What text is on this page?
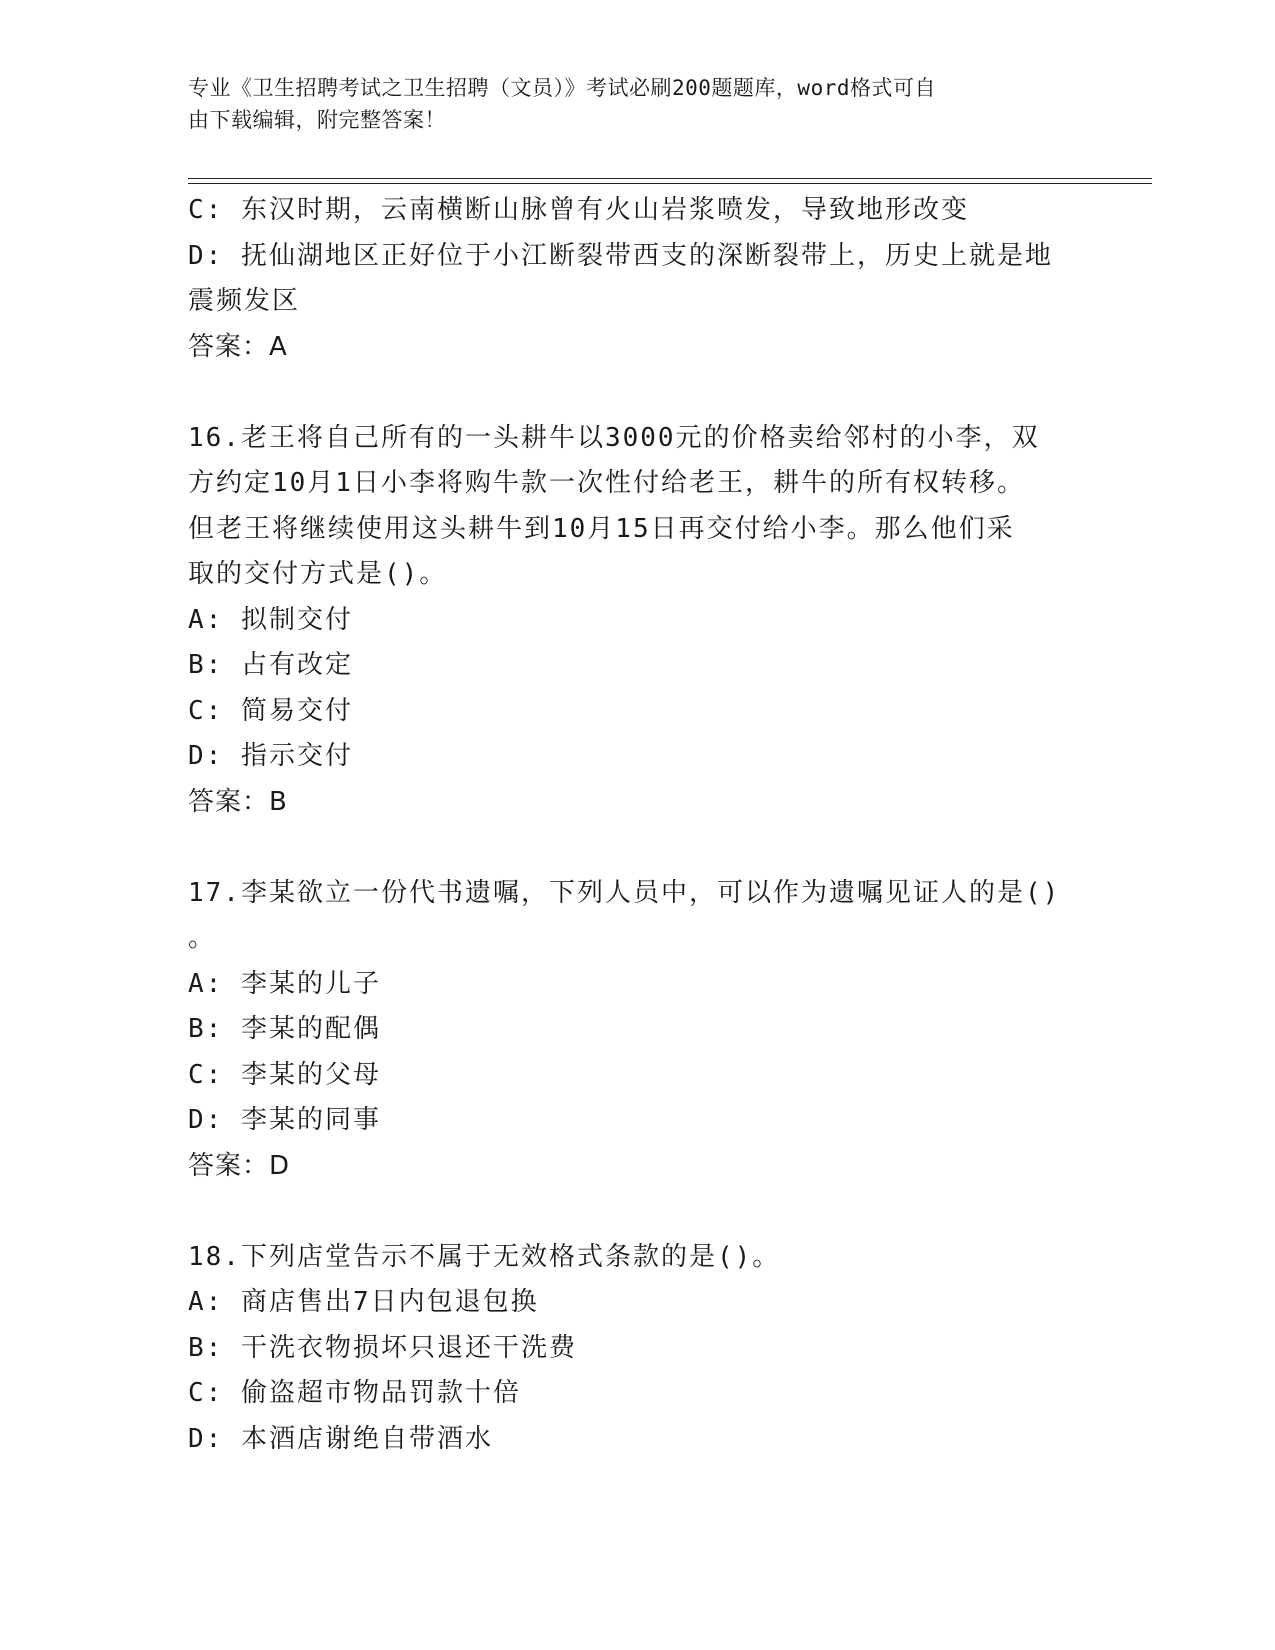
专业《卫生招聘考试之卫生招聘（文员）》考试必刷200题题库，word格式可自
由下载编辑，附完整答案！
C: 东汉时期，云南横断山脉曾有火山岩浆喷发，导致地形改变
D: 抚仙湖地区正好位于小江断裂带西支的深断裂带上，历史上就是地
震频发区
答案：A
16.老王将自己所有的一头耕牛以3000元的价格卖给邻村的小李，双
方约定10月1日小李将购牛款一次性付给老王，耕牛的所有权转移。
但老王将继续使用这头耕牛到10月15日再交付给小李。那么他们采
取的交付方式是()。
A: 拟制交付
B: 占有改定
C: 简易交付
D: 指示交付
答案：B
17.李某欲立一份代书遗嘱，下列人员中，可以作为遗嘱见证人的是()
。
A: 李某的儿子
B: 李某的配偶
C: 李某的父母
D: 李某的同事
答案：D
18.下列店堂告示不属于无效格式条款的是()。
A: 商店售出7日内包退包换
B: 干洗衣物损坏只退还干洗费
C: 偷盗超市物品罚款十倍
D: 本酒店谢绝自带酒水
